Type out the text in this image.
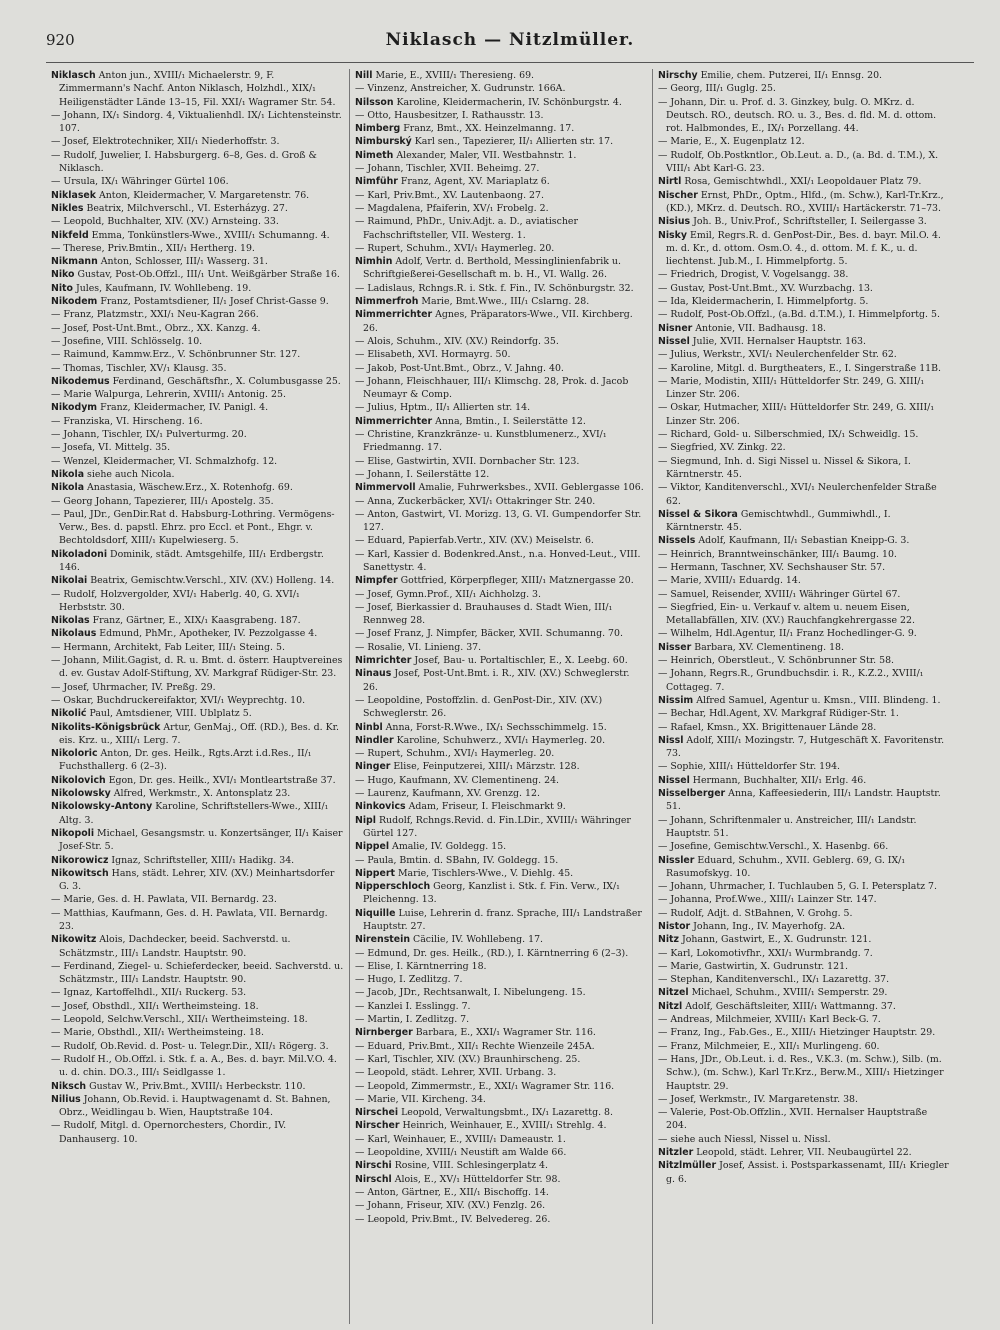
920	Niklasch — Nitzlmüller.

Niklasch Anton jun., XVIII/₁ Michaelerstr. 9, F. Zimmermann's Nachf. Anton Niklasch, Holzhdl., XIX/₁ Heiligenstädter Lände 13–15, Fil. XXI/₁ Wagramer Str. 54.

— Johann, IX/₁ Sindorg. 4, Viktualienhdl. IX/₁ Lichtensteinstr. 107.

— Josef, Elektrotechniker, XII/₁ Niederhoffstr. 3.

— Rudolf, Juwelier, I. Habsburgerg. 6–8, Ges. d. Groß & Niklasch.

— Ursula, IX/₁ Währinger Gürtel 106.

Niklasek Anton, Kleidermacher, V. Margaretenstr. 76.

Nikles Beatrix, Milchverschl., VI. Esterházyg. 27.

— Leopold, Buchhalter, XIV. (XV.) Arnsteing. 33.

Nikfeld Emma, Tonkünstlers-Wwe., XVIII/₁ Schumanng. 4.

— Therese, Priv.Bmtin., XII/₁ Hertherg. 19.

Nikmann Anton, Schlosser, III/₁ Wasserg. 31.

Niko Gustav, Post-Ob.Offzl., III/₁ Unt. Weißgärber Straße 16.

Nito Jules, Kaufmann, IV. Wohllebeng. 19.

Nikodem Franz, Postamtsdiener, II/₁ Josef Christ-Gasse 9.

— Franz, Platzmstr., XXI/₁ Neu-Kagran 266.

— Josef, Post-Unt.Bmt., Obrz., XX. Kanzg. 4.

— Josefine, VIII. Schlösselg. 10.

— Raimund, Kammw.Erz., V. Schönbrunner Str. 127.

— Thomas, Tischler, XV/₁ Klausg. 35.

Nikodemus Ferdinand, Geschäftsfhr., X. Columbusgasse 25.

— Marie Walpurga, Lehrerin, XVIII/₁ Antonig. 25.

Nikodym Franz, Kleidermacher, IV. Panigl. 4.

— Franziska, VI. Hirscheng. 16.

— Johann, Tischler, IX/₁ Pulverturmg. 20.

— Josefa, VI. Mittelg. 35.

— Wenzel, Kleidermacher, VI. Schmalzhofg. 12.

Nikola siehe auch Nicola.

Nikola Anastasia, Wäschew.Erz., X. Rotenhofg. 69.

— Georg Johann, Tapezierer, III/₁ Apostelg. 35.

— Paul, JDr., GenDir.Rat d. Habsburg-Lothring. Vermögens-Verw., Bes. d. papstl. Ehrz. pro Eccl. et Pont., Ehgr. v. Bechtoldsdorf, XIII/₁ Kupelwieserg. 5.

Nikoladoni Dominik, städt. Amtsgehilfe, III/₁ Erdbergstr. 146.

Nikolai Beatrix, Gemischtw.Verschl., XIV. (XV.) Holleng. 14.

— Rudolf, Holzvergolder, XVI/₁ Haberlg. 40, G. XVI/₁ Herbststr. 30.

Nikolas Franz, Gärtner, E., XIX/₁ Kaasgrabeng. 187.

Nikolaus Edmund, PhMr., Apotheker, IV. Pezzolgasse 4.

— Hermann, Architekt, Fab Leiter, III/₁ Steing. 5.

— Johann, Milit.Gagist, d. R. u. Bmt. d. österr. Hauptvereines d. ev. Gustav Adolf-Stiftung, XV. Markgraf Rüdiger-Str. 23.

— Josef, Uhrmacher, IV. Preßg. 29.

— Oskar, Buchdruckereifaktor, XVI/₁ Weyprechtg. 10.

Nikolić Paul, Amtsdiener, VIII. Ublplatz 5.

Nikolits-Königsbrück Artur, GenMaj., Off. (RD.), Bes. d. Kr. eis. Krz. u., XIII/₁ Lerg. 7.

Nikoloric Anton, Dr. ges. Heilk., Rgts.Arzt i.d.Res., II/₁ Fuchsthallerg. 6 (2–3).

Nikolovich Egon, Dr. ges. Heilk., XVI/₁ Montleartstraße 37.

Nikolowsky Alfred, Werkmstr., X. Antonsplatz 23.

Nikolowsky-Antony Karoline, Schriftstellers-Wwe., XIII/₁ Altg. 3.

Nikopoli Michael, Gesangsmstr. u. Konzertsänger, II/₁ Kaiser Josef-Str. 5.

Nikorowicz Ignaz, Schriftsteller, XIII/₁ Hadikg. 34.

Nikowitsch Hans, städt. Lehrer, XIV. (XV.) Meinhartsdorfer G. 3.

— Marie, Ges. d. H. Pawlata, VII. Bernardg. 23.

— Matthias, Kaufmann, Ges. d. H. Pawlata, VII. Bernardg. 23.

Nikowitz Alois, Dachdecker, beeid. Sachverstd. u. Schätzmstr., III/₁ Landstr. Hauptstr. 90.

— Ferdinand, Ziegel- u. Schieferdecker, beeid. Sachverstd. u. Schätzmstr., III/₁ Landstr. Hauptstr. 90.

— Ignaz, Kartoffelhdl., XII/₁ Ruckerg. 53.

— Josef, Obsthdl., XII/₁ Wertheimsteing. 18.

— Leopold, Selchw.Verschl., XII/₁ Wertheimsteing. 18.

— Marie, Obsthdl., XII/₁ Wertheimsteing. 18.

— Rudolf, Ob.Revid. d. Post- u. Telegr.Dir., XII/₁ Rögerg. 3.

— Rudolf H., Ob.Offzl. i. Stk. f. a. A., Bes. d. bayr. Mil.V.O. 4. u. d. chin. DO.3., III/₁ Seidlgasse 1.

Niksch Gustav W., Priv.Bmt., XVIII/₁ Herbeckstr. 110.

Nilius Johann, Ob.Revid. i. Hauptwagenamt d. St. Bahnen, Obrz., Weidlingau b. Wien, Hauptstraße 104.

— Rudolf, Mitgl. d. Opernorchesters, Chordir., IV. Danhauserg. 10.

Nill Marie, E., XVIII/₁ Theresieng. 69.

— Vinzenz, Anstreicher, X. Gudrunstr. 166A.

Nilsson Karoline, Kleidermacherin, IV. Schönburgstr. 4.

— Otto, Hausbesitzer, I. Rathausstr. 13.

Nimberg Franz, Bmt., XX. Heinzelmanng. 17.

Nimburský Karl sen., Tapezierer, II/₁ Allierten str. 17.

Nimeth Alexander, Maler, VII. Westbahnstr. 1.

— Johann, Tischler, XVII. Beheimg. 27.

Nimführ Franz, Agent, XV. Mariaplatz 6.

— Karl, Priv.Bmt., XV. Lautenbaong. 27.

— Magdalena, Pfaiferin, XV/₁ Frobelg. 2.

— Raimund, PhDr., Univ.Adjt. a. D., aviatischer Fachschriftsteller, VII. Westerg. 1.

— Rupert, Schuhm., XVI/₁ Haymerleg. 20.

Nimhin Adolf, Vertr. d. Berthold, Messinglinienfabrik u. Schriftgießerei-Gesellschaft m. b. H., VI. Wallg. 26.

— Ladislaus, Rchngs.R. i. Stk. f. Fin., IV. Schönburgstr. 32.

Nimmerfroh Marie, Bmt.Wwe., III/₁ Cslarng. 28.

Nimmerrichter Agnes, Präparators-Wwe., VII. Kirchberg. 26.

— Alois, Schuhm., XIV. (XV.) Reindorfg. 35.

— Elisabeth, XVI. Hormayrg. 50.

— Jakob, Post-Unt.Bmt., Obrz., V. Jahng. 40.

— Johann, Fleischhauer, III/₁ Klimschg. 28, Prok. d. Jacob Neumayr & Comp.

— Julius, Hptm., II/₁ Allierten str. 14.

Nimmerrichter Anna, Bmtin., I. Seilerstätte 12.

— Christine, Kranzkränze- u. Kunstblumenerz., XVI/₁ Friedmanng. 17.

— Elise, Gastwirtin, XVII. Dornbacher Str. 123.

— Johann, I. Seilerstätte 12.

Nimmervoll Amalie, Fuhrwerksbes., XVII. Geblergasse 106.

— Anna, Zuckerbäcker, XVI/₁ Ottakringer Str. 240.

— Anton, Gastwirt, VI. Morizg. 13, G. VI. Gumpendorfer Str. 127.

— Eduard, Papierfab.Vertr., XIV. (XV.) Meiselstr. 6.

— Karl, Kassier d. Bodenkred.Anst., n.a. Honved-Leut., VIII. Sanettystr. 4.

Nimpfer Gottfried, Körperpfleger, XIII/₁ Matznergasse 20.

— Josef, Gymn.Prof., XII/₁ Aichholzg. 3.

— Josef, Bierkassier d. Brauhauses d. Stadt Wien, III/₁ Rennweg 28.

— Josef Franz, J. Nimpfer, Bäcker, XVII. Schumanng. 70.

— Rosalie, VI. Linieng. 37.

Nimrichter Josef, Bau- u. Portaltischler, E., X. Leebg. 60.

Ninaus Josef, Post-Unt.Bmt. i. R., XIV. (XV.) Schweglerstr. 26.

— Leopoldine, Postoffzlin. d. GenPost-Dir., XIV. (XV.) Schweglerstr. 26.

Ninbl Anna, Forst-R.Wwe., IX/₁ Sechsschimmelg. 15.

Nindler Karoline, Schuhwerz., XVI/₁ Haymerleg. 20.

— Rupert, Schuhm., XVI/₁ Haymerleg. 20.

Ninger Elise, Feinputzerei, XIII/₁ Märzstr. 128.

— Hugo, Kaufmann, XV. Clementineng. 24.

— Laurenz, Kaufmann, XV. Grenzg. 12.

Ninkovics Adam, Friseur, I. Fleischmarkt 9.

Nipl Rudolf, Rchngs.Revid. d. Fin.LDir., XVIII/₁ Währinger Gürtel 127.

Nippel Amalie, IV. Goldegg. 15.

— Paula, Bmtin. d. SBahn, IV. Goldegg. 15.

Nippert Marie, Tischlers-Wwe., V. Diehlg. 45.

Nipperschloch Georg, Kanzlist i. Stk. f. Fin. Verw., IX/₁ Pleichenng. 13.

Niquille Luise, Lehrerin d. franz. Sprache, III/₁ Landstraßer Hauptstr. 27.

Nirenstein Cäcilie, IV. Wohllebeng. 17.

— Edmund, Dr. ges. Heilk., (RD.), I. Kärntnerring 6 (2–3).

— Elise, I. Kärntnerring 18.

— Hugo, I. Zedlitzg. 7.

— Jacob, JDr., Rechtsanwalt, I. Nibelungeng. 15.

— Kanzlei I. Esslingg. 7.

— Martin, I. Zedlitzg. 7.

Nirnberger Barbara, E., XXI/₁ Wagramer Str. 116.

— Eduard, Priv.Bmt., XII/₁ Rechte Wienzeile 245A.

— Karl, Tischler, XIV. (XV.) Braunhirscheng. 25.

— Leopold, städt. Lehrer, XVII. Urbang. 3.

— Leopold, Zimmermstr., E., XXI/₁ Wagramer Str. 116.

— Marie, VII. Kircheng. 34.

Nirschei Leopold, Verwaltungsbmt., IX/₁ Lazarettg. 8.

Nirscher Heinrich, Weinhauer, E., XVIII/₁ Strehlg. 4.

— Karl, Weinhauer, E., XVIII/₁ Dameaustr. 1.

— Leopoldine, XVIII/₁ Neustift am Walde 66.

Nirschi Rosine, VIII. Schlesingerplatz 4.

Nirschl Alois, E., XV/₁ Hütteldorfer Str. 98.

— Anton, Gärtner, E., XII/₁ Bischoffg. 14.

— Johann, Friseur, XIV. (XV.) Fenzlg. 26.

— Leopold, Priv.Bmt., IV. Belvedereg. 26.

Nirschy Emilie, chem. Putzerei, II/₁ Ennsg. 20.

— Georg, III/₁ Guglg. 25.

— Johann, Dir. u. Prof. d. 3. Ginzkey, bulg. O. MKrz. d. Deutsch. RO., deutsch. RO. u. 3., Bes. d. fld. M. d. ottom. rot. Halbmondes, E., IX/₁ Porzellang. 44.

— Marie, E., X. Eugenplatz 12.

— Rudolf, Ob.Postkntlor., Ob.Leut. a. D., (a. Bd. d. T.M.), X. VIII/₁ Abt Karl-G. 23.

Nirtl Rosa, Gemischtwhdl., XXI/₁ Leopoldauer Platz 79.

Nischer Ernst, PhDr., Optm., Hlfd., (m. Schw.), Karl-Tr.Krz., (KD.), MKrz. d. Deutsch. RO., XVIII/₁ Hartäckerstr. 71–73.

Nisius Joh. B., Univ.Prof., Schriftsteller, I. Seilergasse 3.

Nisky Emil, Regrs.R. d. GenPost-Dir., Bes. d. bayr. Mil.O. 4. m. d. Kr., d. ottom. Osm.O. 4., d. ottom. M. f. K., u. d. liechtenst. Jub.M., I. Himmelpfortg. 5.

— Friedrich, Drogist, V. Vogelsangg. 38.

— Gustav, Post-Unt.Bmt., XV. Wurzbachg. 13.

— Ida, Kleidermacherin, I. Himmelpfortg. 5.

— Rudolf, Post-Ob.Offzl., (a.Bd. d.T.M.), I. Himmelpfortg. 5.

Nisner Antonie, VII. Badhausg. 18.

Nissel Julie, XVII. Hernalser Hauptstr. 163.

— Julius, Werkstr., XVI/₁ Neulerchenfelder Str. 62.

— Karoline, Mitgl. d. Burgtheaters, E., I. Singerstraße 11B.

— Marie, Modistin, XIII/₁ Hütteldorfer Str. 249, G. XIII/₁ Linzer Str. 206.

— Oskar, Hutmacher, XIII/₁ Hütteldorfer Str. 249, G. XIII/₁ Linzer Str. 206.

— Richard, Gold- u. Silberschmied, IX/₁ Schweidlg. 15.

— Siegfried, XV. Zinkg. 22.

— Siegmund, Inh. d. Sigi Nissel u. Nissel & Sikora, I. Kärntnerstr. 45.

— Viktor, Kanditenverschl., XVI/₁ Neulerchenfelder Straße 62.

Nissel & Sikora Gemischtwhdl., Gummiwhdl., I. Kärntnerstr. 45.

Nissels Adolf, Kaufmann, II/₁ Sebastian Kneipp-G. 3.

— Heinrich, Branntweinschänker, III/₁ Baumg. 10.

— Hermann, Taschner, XV. Sechshauser Str. 57.

— Marie, XVIII/₁ Eduardg. 14.

— Samuel, Reisender, XVIII/₁ Währinger Gürtel 67.

— Siegfried, Ein- u. Verkauf v. altem u. neuem Eisen, Metallabfällen, XIV. (XV.) Rauchfangkehrergasse 22.

— Wilhelm, Hdl.Agentur, II/₁ Franz Hochedlinger-G. 9.

Nisser Barbara, XV. Clementineng. 18.

— Heinrich, Oberstleut., V. Schönbrunner Str. 58.

— Johann, Regrs.R., Grundbuchsdir. i. R., K.Z.2., XVIII/₁ Cottageg. 7.

Nissim Alfred Samuel, Agentur u. Kmsn., VIII. Blindeng. 1.

— Bechar, Hdl.Agent, XV. Markgraf Rüdiger-Str. 1.

— Rafael, Kmsn., XX. Brigittenauer Lände 28.

Nissl Adolf, XIII/₁ Mozingstr. 7, Hutgeschäft X. Favoritenstr. 73.

— Sophie, XIII/₁ Hütteldorfer Str. 194.

Nissel Hermann, Buchhalter, XII/₁ Erlg. 46.

Nisselberger Anna, Kaffeesiederin, III/₁ Landstr. Hauptstr. 51.

— Johann, Schriftenmaler u. Anstreicher, III/₁ Landstr. Hauptstr. 51.

— Josefine, Gemischtw.Verschl., X. Hasenbg. 66.

Nissler Eduard, Schuhm., XVII. Geblerg. 69, G. IX/₁ Rasumofskyg. 10.

— Johann, Uhrmacher, I. Tuchlauben 5, G. I. Petersplatz 7.

— Johanna, Prof.Wwe., XIII/₁ Lainzer Str. 147.

— Rudolf, Adjt. d. StBahnen, V. Grohg. 5.

Nistor Johann, Ing., IV. Mayerhofg. 2A.

Nitz Johann, Gastwirt, E., X. Gudrunstr. 121.

— Karl, Lokomotivfhr., XXI/₁ Wurmbrandg. 7.

— Marie, Gastwirtin, X. Gudrunstr. 121.

— Stephan, Kanditenverschl., IX/₁ Lazarettg. 37.

Nitzel Michael, Schuhm., XVIII/₁ Semperstr. 29.

Nitzl Adolf, Geschäftsleiter, XIII/₁ Wattmanng. 37.

— Andreas, Milchmeier, XVIII/₁ Karl Beck-G. 7.

— Franz, Ing., Fab.Ges., E., XIII/₁ Hietzinger Hauptstr. 29.

— Franz, Milchmeier, E., XII/₁ Murlingeng. 60.

— Hans, JDr., Ob.Leut. i. d. Res., V.K.3. (m. Schw.), Silb. (m. Schw.), (m. Schw.), Karl Tr.Krz., Berw.M., XIII/₁ Hietzinger Hauptstr. 29.

— Josef, Werkmstr., IV. Margaretenstr. 38.

— Valerie, Post-Ob.Offzlin., XVII. Hernalser Hauptstraße 204.

— siehe auch Niessl, Nissel u. Nissl.

Nitzler Leopold, städt. Lehrer, VII. Neubaugürtel 22.

Nitzlmüller Josef, Assist. i. Postsparkassenamt, III/₁ Kriegler g. 6.
